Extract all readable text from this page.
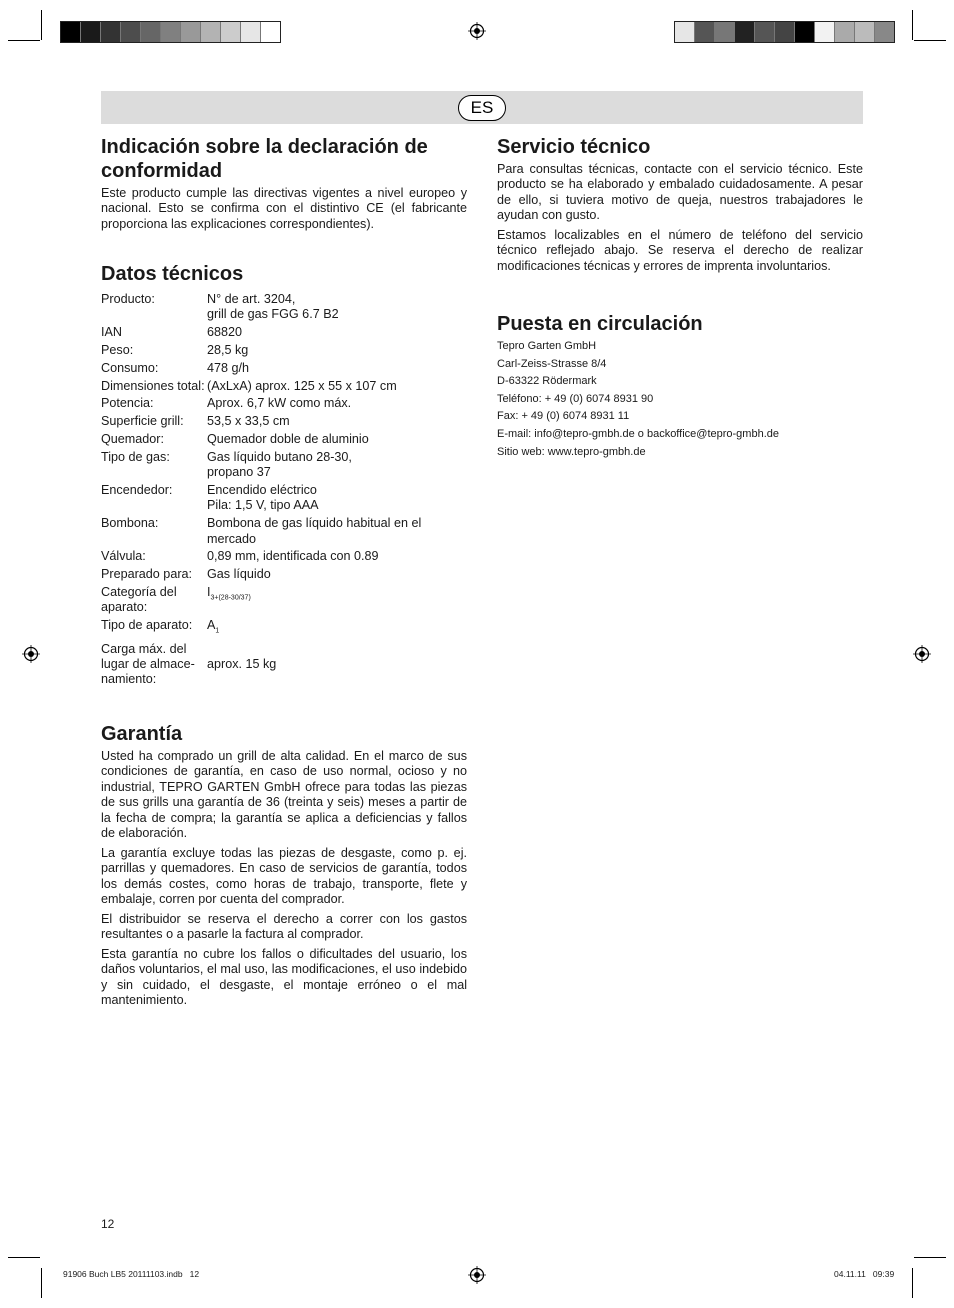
ES
Indicación sobre la declaración de conformidad

Este producto cumple las directivas vigentes a nivel europeo y nacional. Esto se confirma con el distintivo CE (el fabricante proporciona las explicaciones correspondientes).

Datos técnicos
Producto:	N° de art. 3204,
grill de gas FGG 6.7 B2
IAN	68820
Peso:	28,5 kg
Consumo:	478 g/h
Dimensiones total:	(AxLxA) aprox. 125 x 55 x 107 cm
Potencia:	Aprox. 6,7 kW como máx.
Superficie grill:	53,5 x 33,5 cm
Quemador:	Quemador doble de aluminio
Tipo de gas:	Gas líquido butano 28-30,
propano 37
Encendedor:	Encendido eléctrico
Pila: 1,5 V, tipo AAA
Bombona:	Bombona de gas líquido habitual en el mercado
Válvula:	0,89 mm, identificada con 0.89
Preparado para:	Gas líquido
Categoría del aparato:	$I_{3+(28-30/37)}$
Tipo de aparato:	$A_1$
Carga máx. del lugar de almace-namiento:	aprox. 15 kg
Garantía

Usted ha comprado un grill de alta calidad. En el marco de sus condiciones de garantía, en caso de uso normal, ocioso y no industrial, TEPRO GARTEN GmbH ofrece para todas las piezas de sus grills una garantía de 36 (treinta y seis) meses a partir de la fecha de compra; la garantía se aplica a deficiencias y fallos de elaboración.

La garantía excluye todas las piezas de desgaste, como p. ej. parrillas y quemadores. En caso de servicios de garantía, todos los demás costes, como horas de trabajo, transporte, flete y embalaje, corren por cuenta del comprador.

El distribuidor se reserva el derecho a correr con los gastos resultantes o a pasarle la factura al comprador.

Esta garantía no cubre los fallos o dificultades del usuario, los daños voluntarios, el mal uso, las modificaciones, el uso indebido y sin cuidado, el desgaste, el montaje erróneo o el mal mantenimiento.

Servicio técnico

Para consultas técnicas, contacte con el servicio técnico. Este producto se ha elaborado y embalado cuidadosamente. A pesar de ello, si tuviera motivo de queja, nuestros trabajadores le ayudan con gusto.

Estamos localizables en el número de teléfono del servicio técnico reflejado abajo. Se reserva el derecho de realizar modificaciones técnicas y errores de imprenta involuntarios.

Puesta en circulación
Tepro Garten GmbH
Carl-Zeiss-Strasse 8/4
D-63322 Rödermark
Teléfono: + 49 (0) 6074 8931 90
Fax: + 49 (0) 6074 8931 11
E-mail: info@tepro-gmbh.de o backoffice@tepro-gmbh.de
Sitio web: www.tepro-gmbh.de
12
91906 Buch LB5 20111103.indb   12	04.11.11   09:39
